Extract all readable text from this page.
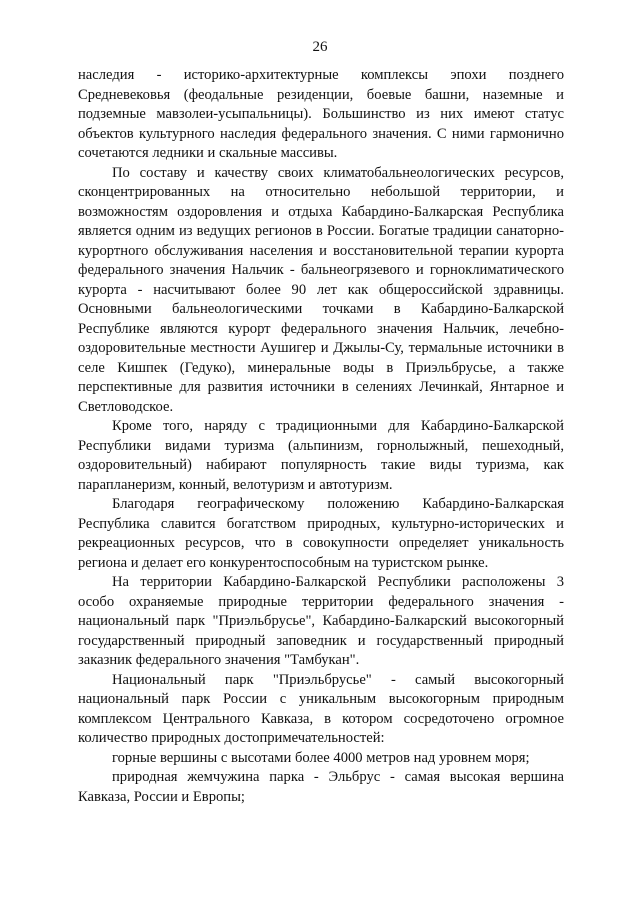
26

наследия - историко-архитектурные комплексы эпохи позднего Средневековья (феодальные резиденции, боевые башни, наземные и подземные мавзолеи-усыпальницы). Большинство из них имеют статус объектов культурного наследия федерального значения. С ними гармонично сочетаются ледники и скальные массивы.

По составу и качеству своих климатобальнеологических ресурсов, сконцентрированных на относительно небольшой территории, и возможностям оздоровления и отдыха Кабардино-Балкарская Республика является одним из ведущих регионов в России. Богатые традиции санаторно-курортного обслуживания населения и восстановительной терапии курорта федерального значения Нальчик - бальнеогрязевого и горноклиматического курорта - насчитывают более 90 лет как общероссийской здравницы. Основными бальнеологическими точками в Кабардино-Балкарской Республике являются курорт федерального значения Нальчик, лечебно-оздоровительные местности Аушигер и Джылы-Су, термальные источники в селе Кишпек (Гедуко), минеральные воды в Приэльбрусье, а также перспективные для развития источники в селениях Лечинкай, Янтарное и Светловодское.

Кроме того, наряду с традиционными для Кабардино-Балкарской Республики видами туризма (альпинизм, горнолыжный, пешеходный, оздоровительный) набирают популярность такие виды туризма, как парапланеризм, конный, велотуризм и автотуризм.

Благодаря географическому положению Кабардино-Балкарская Республика славится богатством природных, культурно-исторических и рекреационных ресурсов, что в совокупности определяет уникальность региона и делает его конкурентоспособным на туристском рынке.

На территории Кабардино-Балкарской Республики расположены 3 особо охраняемые природные территории федерального значения - национальный парк "Приэльбрусье", Кабардино-Балкарский высокогорный государственный природный заповедник и государственный природный заказник федерального значения "Тамбукан".

Национальный парк "Приэльбрусье" - самый высокогорный национальный парк России с уникальным высокогорным природным комплексом Центрального Кавказа, в котором сосредоточено огромное количество природных достопримечательностей:

горные вершины с высотами более 4000 метров над уровнем моря;

природная жемчужина парка - Эльбрус - самая высокая вершина Кавказа, России и Европы;
